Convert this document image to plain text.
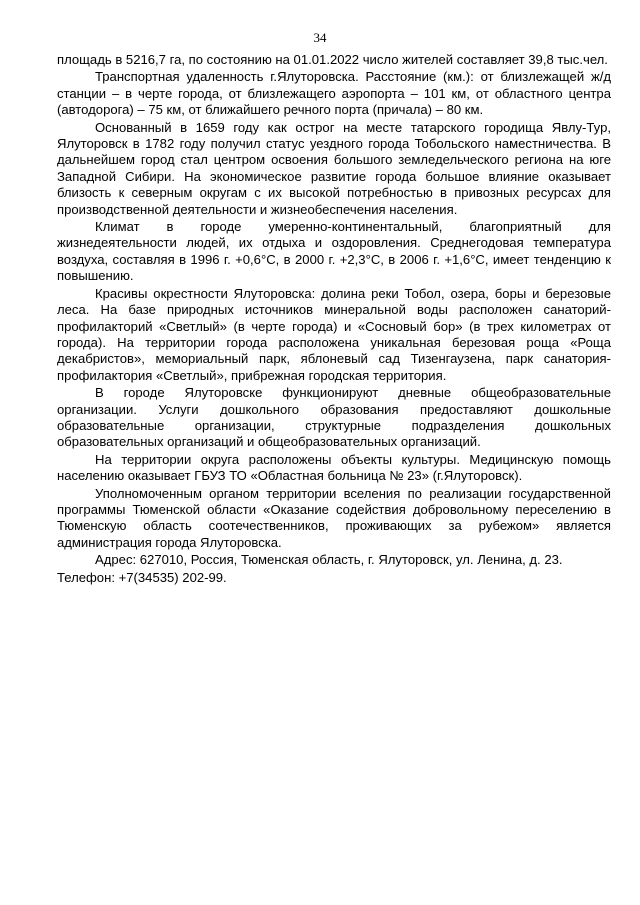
34

площадь в 5216,7 га, по состоянию на 01.01.2022 число жителей составляет 39,8 тыс.чел.

Транспортная удаленность г.Ялуторовска. Расстояние (км.): от близлежащей ж/д станции – в черте города, от близлежащего аэропорта – 101 км, от областного центра (автодорога) – 75 км, от ближайшего речного порта (причала) – 80 км.

Основанный в 1659 году как острог на месте татарского городища Явлу-Тур, Ялуторовск в 1782 году получил статус уездного города Тобольского наместничества. В дальнейшем город стал центром освоения большого земледельческого региона на юге Западной Сибири. На экономическое развитие города большое влияние оказывает близость к северным округам с их высокой потребностью в привозных ресурсах для производственной деятельности и жизнеобеспечения населения.

Климат в городе умеренно-континентальный, благоприятный для жизнедеятельности людей, их отдыха и оздоровления. Среднегодовая температура воздуха, составляя в 1996 г. +0,6°С, в 2000 г. +2,3°С, в 2006 г. +1,6°С, имеет тенденцию к повышению.

Красивы окрестности Ялуторовска: долина реки Тобол, озера, боры и березовые леса. На базе природных источников минеральной воды расположен санаторий-профилакторий «Светлый» (в черте города) и «Сосновый бор» (в трех километрах от города). На территории города расположена уникальная березовая роща «Роща декабристов», мемориальный парк, яблоневый сад Тизенгаузена, парк санатория-профилактория «Светлый», прибрежная городская территория.

В городе Ялуторовске функционируют дневные общеобразовательные организации. Услуги дошкольного образования предоставляют дошкольные образовательные организации, структурные подразделения дошкольных образовательных организаций и общеобразовательных организаций.

На территории округа расположены объекты культуры. Медицинскую помощь населению оказывает ГБУЗ ТО «Областная больница № 23» (г.Ялуторовск).

Уполномоченным органом территории вселения по реализации государственной программы Тюменской области «Оказание содействия добровольному переселению в Тюменскую область соотечественников, проживающих за рубежом» является администрация города Ялуторовска.

Адрес: 627010, Россия, Тюменская область, г. Ялуторовск, ул. Ленина, д. 23.

Телефон: +7(34535) 202-99.
